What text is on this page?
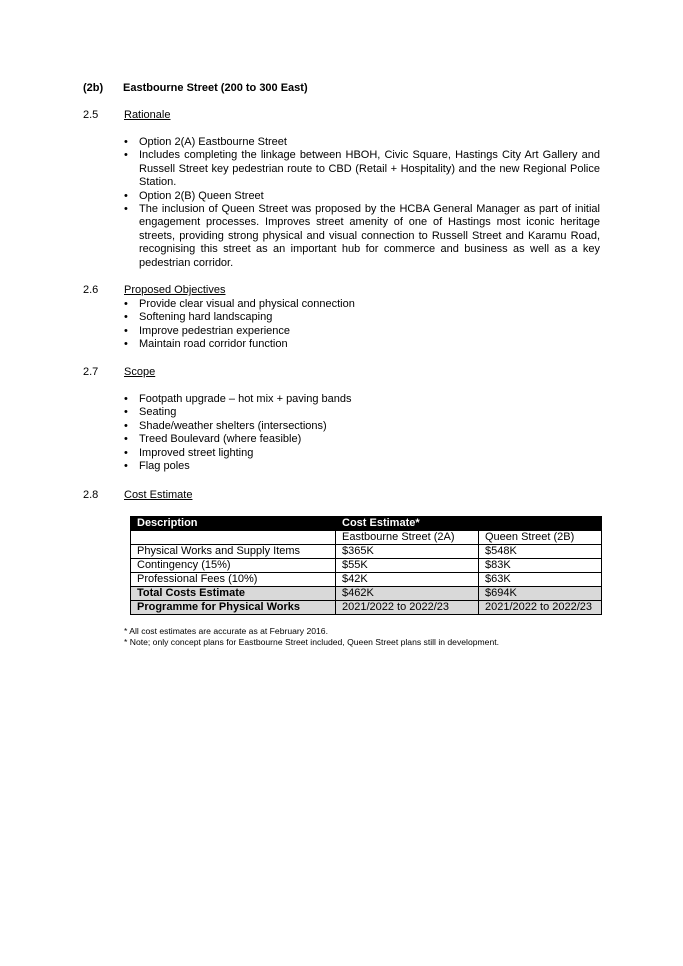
(2b) Eastbourne Street (200 to 300 East)
2.5 Rationale
• Option 2(A) Eastbourne Street
• Includes completing the linkage between HBOH, Civic Square, Hastings City Art Gallery and Russell Street key pedestrian route to CBD (Retail + Hospitality) and the new Regional Police Station.
• Option 2(B) Queen Street
• The inclusion of Queen Street was proposed by the HCBA General Manager as part of initial engagement processes. Improves street amenity of one of Hastings most iconic heritage streets, providing strong physical and visual connection to Russell Street and Karamu Road, recognising this street as an important hub for commerce and business as well as a key pedestrian corridor.
2.6 Proposed Objectives
• Provide clear visual and physical connection
• Softening hard landscaping
• Improve pedestrian experience
• Maintain road corridor function
2.7 Scope
• Footpath upgrade – hot mix + paving bands
• Seating
• Shade/weather shelters (intersections)
• Treed Boulevard (where feasible)
• Improved street lighting
• Flag poles
2.8 Cost Estimate
Description	Cost Estimate*	
	Eastbourne Street (2A)	Queen Street (2B)
Physical Works and Supply Items	$365K	$548K
Contingency (15%)	$55K	$83K
Professional Fees (10%)	$42K	$63K
Total Costs Estimate	$462K	$694K
Programme for Physical Works	2021/2022 to 2022/23	2021/2022 to 2022/23
* All cost estimates are accurate as at February 2016.
* Note; only concept plans for Eastbourne Street included, Queen Street plans still in development.
